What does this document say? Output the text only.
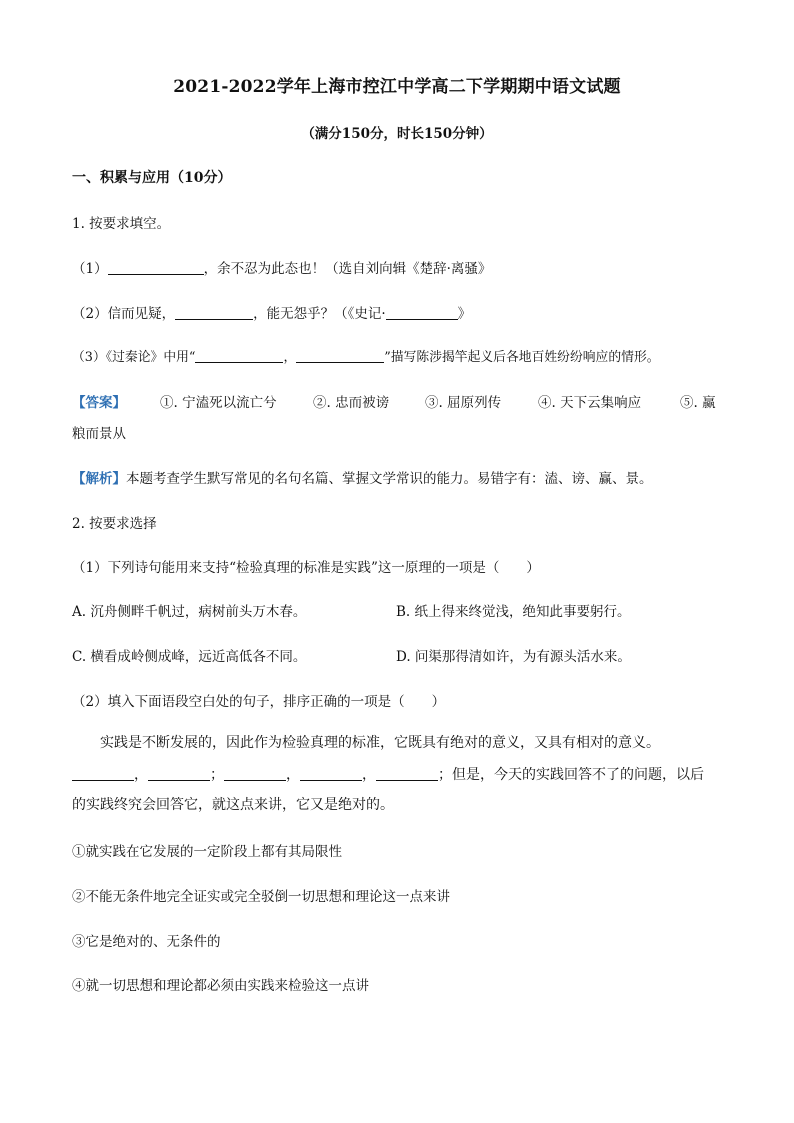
2021-2022学年上海市控江中学高二下学期期中语文试题
（满分150分，时长150分钟）
一、积累与应用（10分）
1. 按要求填空。
（1）	，余不忍为此态也！（选自刘向辑《楚辞·离骚》
（2）信而见疑，	，能无怨乎？（《史记·	》
（3）《过秦论》中用“	，	”描写陈涉揭竿起义后各地百姓纷纷响应的情形。
【答案】	①. 宁溘死以流亡兮	②. 忠而被谤	③. 屈原列传	④. 天下云集响应	⑤. 赢
粮而景从
【解析】本题考查学生默写常见的名句名篇、掌握文学常识的能力。易错字有：溘、谤、赢、景。
2. 按要求选择
（1）下列诗句能用来支持“检验真理的标准是实践”这一原理的一项是（　　）
A. 沉舟侧畔千帆过，病树前头万木春。	B. 纸上得来终觉浅，绝知此事要躬行。
C. 横看成岭侧成峰，远近高低各不同。	D. 问渠那得清如许，为有源头活水来。
（2）填入下面语段空白处的句子，排序正确的一项是（　　）
实践是不断发展的，因此作为检验真理的标准，它既具有绝对的意义，又具有相对的意义。
，	；	，	，	；但是，今天的实践回答不了的问题，以后
的实践终究会回答它，就这点来讲，它又是绝对的。
①就实践在它发展的一定阶段上都有其局限性
②不能无条件地完全证实或完全驳倒一切思想和理论这一点来讲
③它是绝对的、无条件的
④就一切思想和理论都必须由实践来检验这一点讲
